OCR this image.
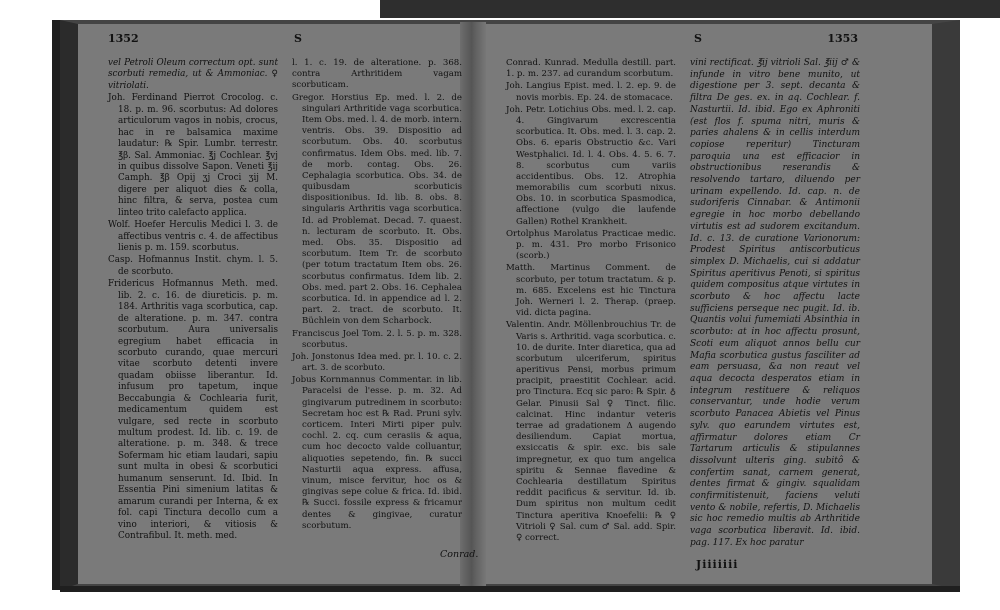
1352	S

vel Petroli Oleum correctum opt. sunt scorbuti remedia, ut & Ammoniac. ♀ vitriolati.

Joh. Ferdinand Pierrot Crocolog. c. 18. p. m. 96. scorbutus: Ad dolores articulorum vagos in nobis, crocus, hac in re balsamica maxime laudatur: ℞ Spir. Lumbr. terrestr. ℥β. Sal. Ammoniac. ℥j Cochlear. ℥vj in quibus dissolve Sapon. Veneti ℥ij Camph. ℥β Opij ʒj Croci ʒij M. digere per aliquot dies & colla, hinc filtra, & serva, postea cum linteo trito calefacto applica.

Wolf. Hoefer Herculis Medici l. 3. de affectibus ventris c. 4. de affectibus lienis p. m. 159. scorbutus.

Casp. Hofmannus Instit. chym. l. 5. de scorbuto.

Fridericus Hofmannus Meth. med. lib. 2. c. 16. de diureticis. p. m. 184. Arthritis vaga scorbutica, cap. de alteratione. p. m. 347. contra scorbutum. Aura universalis egregium habet efficacia in scorbuto curando, quae mercuri vitae scorbuto detenti invere quadam obiisse liberantur. Id. infusum pro tapetum, inque Beccabungia & Cochlearia furit, medicamentum quidem est vulgare, sed recte in scorbuto multum prodest. Id. lib. c. 19. de alteratione. p. m. 348. & trece Sofermam hic etiam laudari, sapiu sunt multa in obesi & scorbutici humanum senserunt. Id. Ibid. In Essentia Pini simenium latitas & amarum curandi per Interna, & ex fol. capi Tinctura decollo cum a vino interiori, & vitiosis & Contrafibul. It. meth. med.

l. 1. c. 19. de alteratione. p. 368. contra Arthritidem vagam scorbuticam.

Gregor. Horstius Ep. med. l. 2. de singulari Arthritide vaga scorbutica. Item Obs. med. l. 4. de morb. intern. ventris. Obs. 39. Dispositio ad scorbutum. Obs. 40. scorbutus confirmatus. Idem Obs. med. lib. 7. de morb. contag. Obs. 26. Cephalagia scorbutica. Obs. 34. de quibusdam scorbuticis dispositionibus. Id. lib. 8. obs. 8. singularis Arthritis vaga scorbutica. Id. ad Problemat. Decad. 7. quaest. n. lecturam de scorbuto. It. Obs. med. Obs. 35. Dispositio ad scorbutum. Item Tr. de scorbuto (per totum tractatum Item obs. 26. scorbutus confirmatus. Idem lib. 2. Obs. med. part 2. Obs. 16. Cephalea scorbutica. Id. in appendice ad l. 2. part. 2. tract. de scorbuto. It. Büchlein von dem Scharbock.

Franciscus Joel Tom. 2. l. 5. p. m. 328. scorbutus.

Joh. Jonstonus Idea med. pr. l. 10. c. 2. art. 3. de scorbuto.

Jobus Kornmannus Commentar. in lib. Paracelsi de l'esse. p. m. 32. Ad gingivarum putredinem in scorbuto: Secretam hoc est ℞ Rad. Pruni sylv. corticem. Interi Mirti piper pulv. cochl. 2. cq. cum cerasiis & aqua, cum hoc decocto valde colluantur, aliquoties sepetendo, fin. ℞ succi Nasturtii aqua express. affusa, vinum, misce fervitur, hoc os & gingivas sepe colue & frica. Id. ibid. ℞ Succi. fossile express & fricamur dentes & gingivae, curatur scorbutum.

Conrad.
S	1353

Conrad. Kunrad. Medulla destill. part. 1. p. m. 237. ad curandum scorbutum.

Joh. Langius Epist. med. l. 2. ep. 9. de novis morbis. Ep. 24. de stomacace.

Joh. Petr. Lotichius Obs. med. l. 2. cap. 4. Gingivarum excrescentia scorbutica. It. Obs. med. l. 3. cap. 2. Obs. 6. eparis Obstructio &c. Vari Westphalici. Id. l. 4. Obs. 4. 5. 6. 7. 8. scorbutus cum variis accidentibus. Obs. 12. Atrophia memorabilis cum scorbuti nixus. Obs. 10. in scorbutica Spasmodica, affectione (vulgo die laufende Gallen) Rothel Krankheit.

Ortolphus Marolatus Practicae medic. p. m. 431. Pro morbo Frisonico (scorb.)

Matth. Martinus Comment. de scorbuto, per totum tractatum. & p. m. 685. Excelens est hic Tinctura Joh. Werneri l. 2. Therap. (praep. vid. dicta pagina.

Valentin. Andr. Möllenbrouchius Tr. de Varis s. Arthritid. vaga scorbutica. c. 10. de durite. Inter diaretica, qua ad scorbutum ulceriferum, spiritus aperitivus Pensi, morbus primum pracipit, praestitit Cochlear. acid. pro Tinctura. Ecq sic paro: ℞ Spir. ♁ Gelar. Pinusii Sal ♀ Tinct. filic. calcinat. Hinc indantur veteris terrae ad gradationem Δ augendo desiliendum. Capiat mortua, exsiccatis & spir. exc. bis sale impregnetur, ex quo tum angelica spiritu & Sennae flavedine & Cochlearia destillatum Spiritus reddit pacificus & servitur. Id. ib. Dum spiritus non multum cedit Tinctura aperitiva Knoefelii: ℞ ♀ Vitrioli ♀ Sal. cum ♂ Sal. add. Spir. ♀ correct.

vini rectificat. ℥ij vitrioli Sal. ℥iij ♂ & infunde in vitro bene munito, ut digestione per 3. sept. decanta & filtra De ges. ex. in aq. Cochlear. f. Nasturtii. Id. ibid. Ego ex Aphroniti (est flos f. spuma nitri, muris & paries ahalens & in cellis interdum copiose reperitur) Tincturam paroquia una est efficacior in obstructionibus reserandis & resolvendo tartaro, diluendo per urinam expellendo. Id. cap. n. de sudoriferis Cinnabar. & Antimonii egregie in hoc morbo debellando virtutis est ad sudorem excitandum. Id. c. 13. de curatione Varionorum: Prodest Spiritus antiscorbuticus simplex D. Michaelis, cui si addatur Spiritus aperitivus Penoti, si spiritus quidem compositus atque virtutes in scorbuto & hoc affectu lacte sufficiens perseque nec pugit. Id. ib. Quantis volui fumemiati Absinthia in scorbuto: at in hoc affectu prosunt, Scoti eum aliquot annos bellu cur Mafia scorbutica gustus fasciliter ad eam persuasa, &a non reaut vel aqua decocta desperatos etiam in integrum restituere & reliquos conservantur, unde hodie verum scorbuto Panacea Abietis vel Pinus sylv. quo earundem virtutes est, affirmatur dolores etiam Cr Tartarum articulis & stipulannes dissolvunt ulteris ging. subitô & confertim sanat, carnem generat, dentes firmat & gingiv. squalidam confirmitistenuit, faciens veluti vento & nobile, refertis, D. Michaelis sic hoc remedio multis ab Arthritide vaga scorbutica liberavit. Id. ibid. pag. 117. Ex hoc paratur

Jiiiiiii
